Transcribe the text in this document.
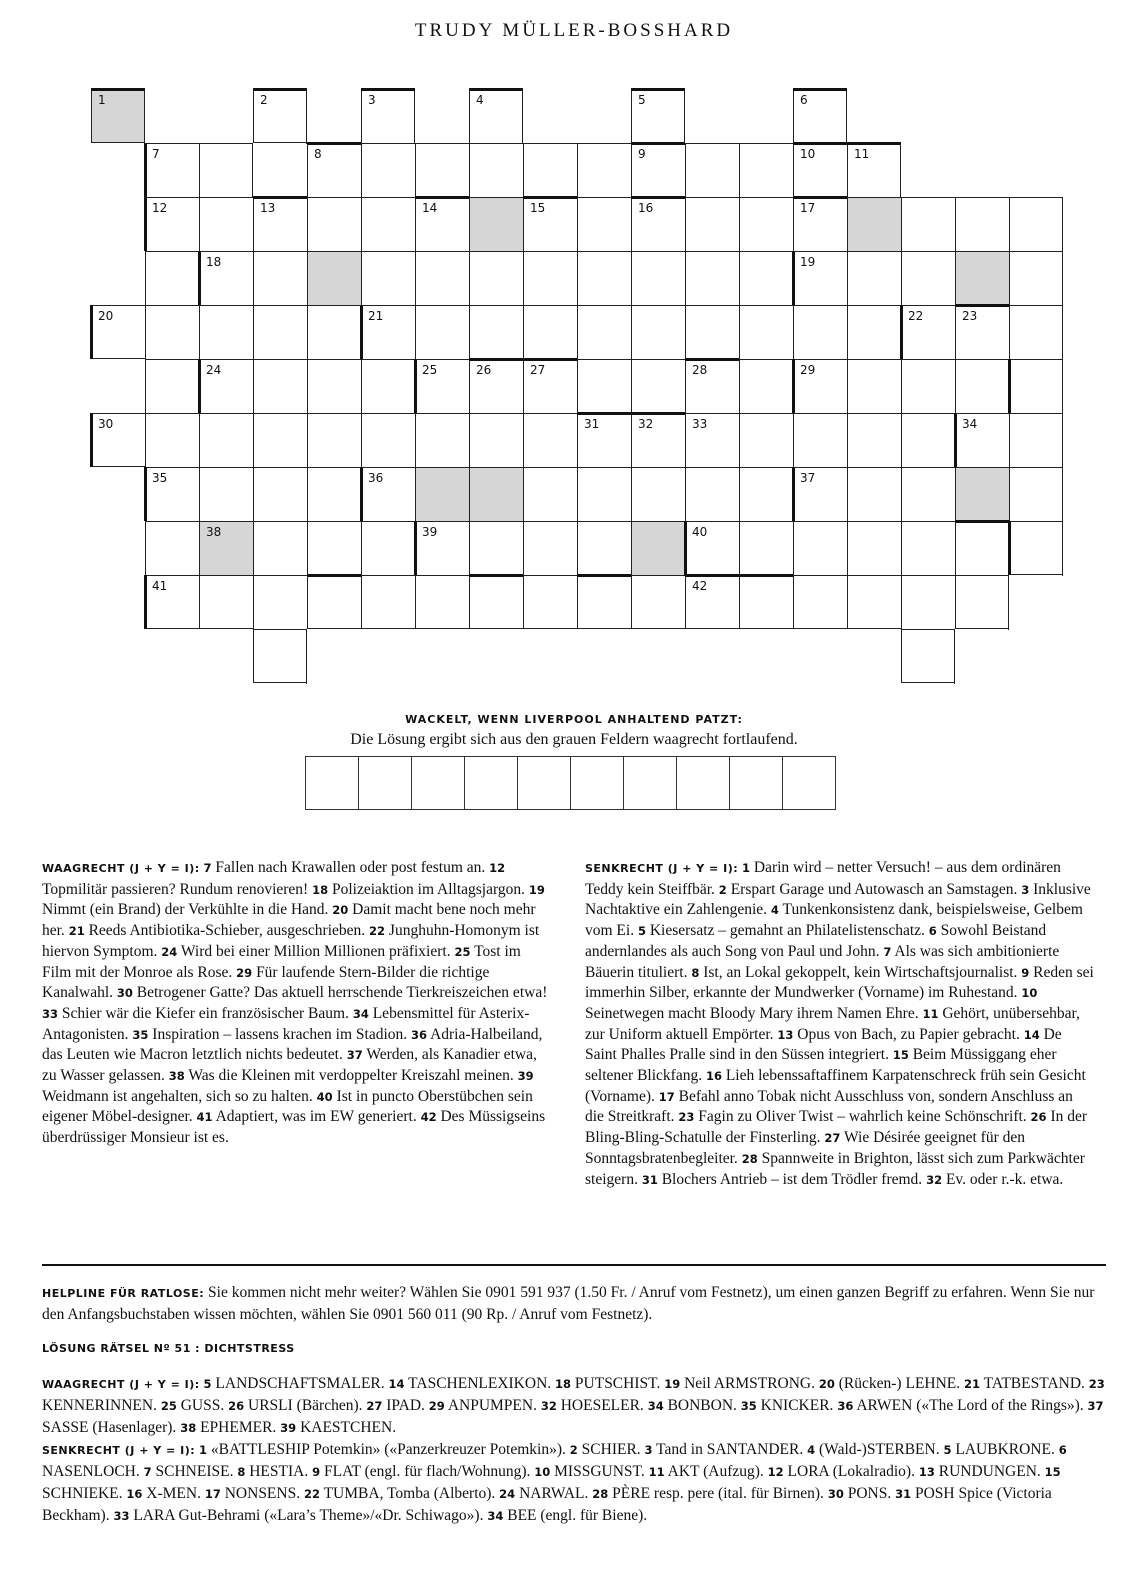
TRUDY MÜLLER-BOSSHARD
1	2	3	4	5	6
7	8	9	10	11
12	13	14	15	16	17
18	19
20	21	22	23
24	25	26	27	28	29
30	31	32	33	34
35	36	37
38	39	40
41	42
WACKELT, WENN LIVERPOOL ANHALTEND PATZT:
Die Lösung ergibt sich aus den grauen Feldern waagrecht fortlaufend.
WAAGRECHT (J + Y = I): 7 Fallen nach Krawallen oder post festum an. 12 Topmilitär passieren? Rundum renovieren! 18 Polizeiaktion im Alltagsjargon. 19 Nimmt (ein Brand) der Verkühlte in die Hand. 20 Damit macht bene noch mehr her. 21 Reeds Antibiotika-Schieber, ausgeschrieben. 22 Junghuhn-Homonym ist hiervon Symptom. 24 Wird bei einer Million Millionen präfixiert. 25 Tost im Film mit der Monroe als Rose. 29 Für laufende Stern-Bilder die richtige Kanalwahl. 30 Betrogener Gatte? Das aktuell herrschende Tierkreiszeichen etwa! 33 Schier wär die Kiefer ein französischer Baum. 34 Lebensmittel für Asterix-Antagonisten. 35 Inspiration – lassens krachen im Stadion. 36 Adria-Halbeiland, das Leuten wie Macron letztlich nichts bedeutet. 37 Werden, als Kanadier etwa, zu Wasser gelassen. 38 Was die Kleinen mit verdoppelter Kreiszahl meinen. 39 Weidmann ist angehalten, sich so zu halten. 40 Ist in puncto Oberstübchen sein eigener Möbel-designer. 41 Adaptiert, was im EW generiert. 42 Des Müssigseins überdrüssiger Monsieur ist es.
SENKRECHT (J + Y = I): 1 Darin wird – netter Versuch! – aus dem ordinären Teddy kein Steiffbär. 2 Erspart Garage und Autowasch an Samstagen. 3 Inklusive Nachtaktive ein Zahlengenie. 4 Tunkenkonsistenz dank, beispielsweise, Gelbem vom Ei. 5 Kiesersatz – gemahnt an Philatelistenschatz. 6 Sowohl Beistand andernlandes als auch Song von Paul und John. 7 Als was sich ambitionierte Bäuerin tituliert. 8 Ist, an Lokal gekoppelt, kein Wirtschaftsjournalist. 9 Reden sei immerhin Silber, erkannte der Mundwerker (Vorname) im Ruhestand. 10 Seinetwegen macht Bloody Mary ihrem Namen Ehre. 11 Gehört, unübersehbar, zur Uniform aktuell Empörter. 13 Opus von Bach, zu Papier gebracht. 14 De Saint Phalles Pralle sind in den Süssen integriert. 15 Beim Müssiggang eher seltener Blickfang. 16 Lieh lebenssaftaffinem Karpatenschreck früh sein Gesicht (Vorname). 17 Befahl anno Tobak nicht Ausschluss von, sondern Anschluss an die Streitkraft. 23 Fagin zu Oliver Twist – wahrlich keine Schönschrift. 26 In der Bling-Bling-Schatulle der Finsterling. 27 Wie Désirée geeignet für den Sonntagsbratenbegleiter. 28 Spannweite in Brighton, lässt sich zum Parkwächter steigern. 31 Blochers Antrieb – ist dem Trödler fremd. 32 Ev. oder r.-k. etwa.
HELPLINE FÜR RATLOSE: Sie kommen nicht mehr weiter? Wählen Sie 0901 591 937 (1.50 Fr. / Anruf vom Festnetz), um einen ganzen Begriff zu erfahren. Wenn Sie nur den Anfangsbuchstaben wissen möchten, wählen Sie 0901 560 011 (90 Rp. / Anruf vom Festnetz).
LÖSUNG RÄTSEL Nº 51 : DICHTSTRESS
WAAGRECHT (J + Y = I): 5 LANDSCHAFTSMALER. 14 TASCHENLEXIKON. 18 PUTSCHIST. 19 Neil ARMSTRONG. 20 (Rücken-) LEHNE. 21 TATBESTAND. 23 KENNERINNEN. 25 GUSS. 26 URSLI (Bärchen). 27 IPAD. 29 ANPUMPEN. 32 HOESELER. 34 BONBON. 35 KNICKER. 36 ARWEN («The Lord of the Rings»). 37 SASSE (Hasenlager). 38 EPHEMER. 39 KAESTCHEN.
SENKRECHT (J + Y = I): 1 «BATTLESHIP Potemkin» («Panzerkreuzer Potemkin»). 2 SCHIER. 3 Tand in SANTANDER. 4 (Wald-)STERBEN. 5 LAUBKRONE. 6 NASENLOCH. 7 SCHNEISE. 8 HESTIA. 9 FLAT (engl. für flach/Wohnung). 10 MISSGUNST. 11 AKT (Aufzug). 12 LORA (Lokalradio). 13 RUNDUNGEN. 15 SCHNIEKE. 16 X-MEN. 17 NONSENS. 22 TUMBA, Tomba (Alberto). 24 NARWAL. 28 PÈRE resp. pere (ital. für Birnen). 30 PONS. 31 POSH Spice (Victoria Beckham). 33 LARA Gut-Behrami («Lara’s Theme»/«Dr. Schiwago»). 34 BEE (engl. für Biene).
